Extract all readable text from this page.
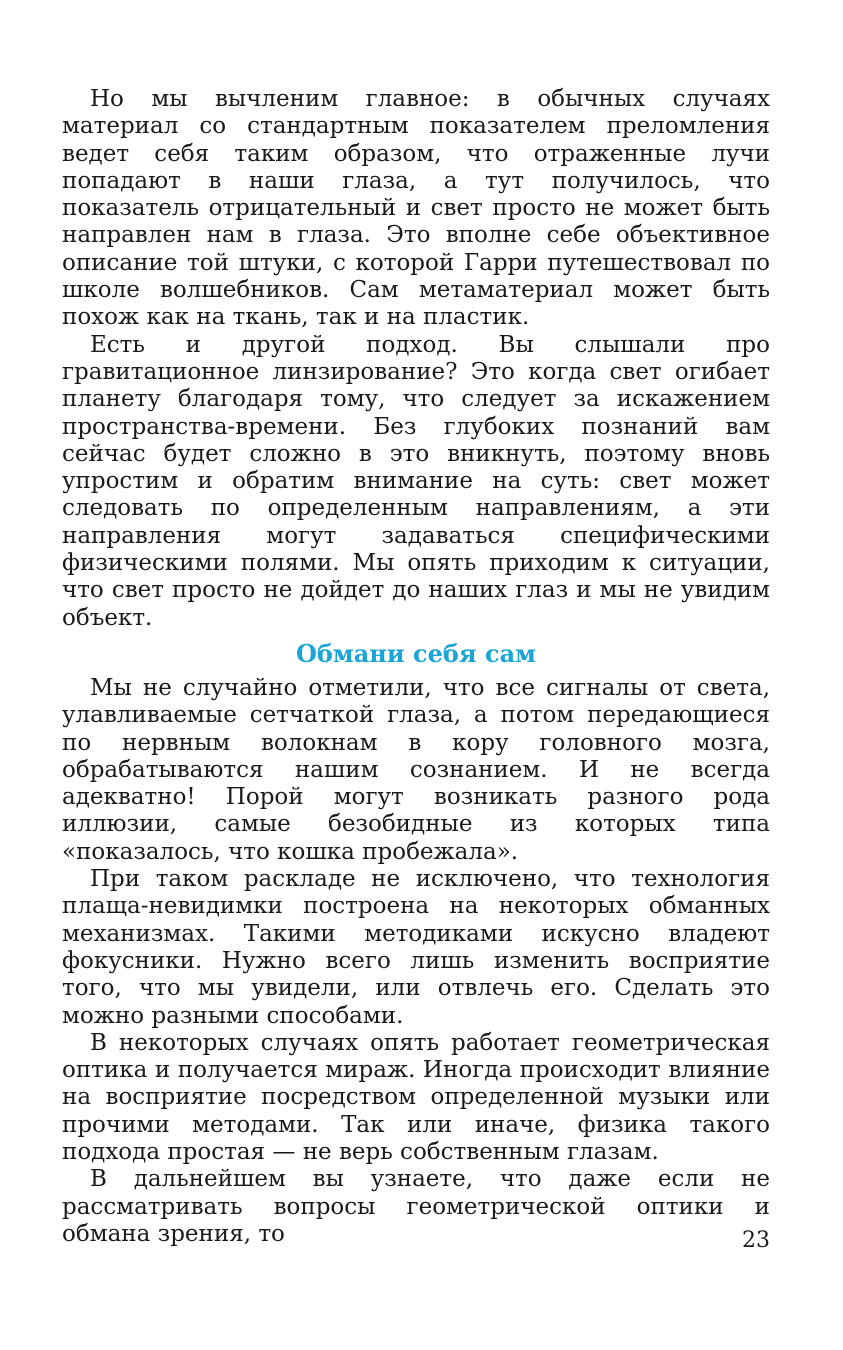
Но мы вычленим главное: в обычных случаях материал со стандартным показателем преломления ведет себя таким образом, что отраженные лучи попадают в наши глаза, а тут получилось, что показатель отрицательный и свет просто не может быть направлен нам в глаза. Это вполне себе объективное описание той штуки, с которой Гарри путешествовал по школе волшебников. Сам метаматериал может быть похож как на ткань, так и на пластик.

Есть и другой подход. Вы слышали про гравитационное линзирование? Это когда свет огибает планету благодаря тому, что следует за искажением пространства-времени. Без глубоких познаний вам сейчас будет сложно в это вникнуть, поэтому вновь упростим и обратим внимание на суть: свет может следовать по определенным направлениям, а эти направления могут задаваться специфическими физическими полями. Мы опять приходим к ситуации, что свет просто не дойдет до наших глаз и мы не увидим объект.

Обмани себя сам

Мы не случайно отметили, что все сигналы от света, улавливаемые сетчаткой глаза, а потом передающиеся по нервным волокнам в кору головного мозга, обрабатываются нашим сознанием. И не всегда адекватно! Порой могут возникать разного рода иллюзии, самые безобидные из которых типа «показалось, что кошка пробежала».

При таком раскладе не исключено, что технология плаща-невидимки построена на некоторых обманных механизмах. Такими методиками искусно владеют фокусники. Нужно всего лишь изменить восприятие того, что мы увидели, или отвлечь его. Сделать это можно разными способами.

В некоторых случаях опять работает геометрическая оптика и получается мираж. Иногда происходит влияние на восприятие посредством определенной музыки или прочими методами. Так или иначе, физика такого подхода простая — не верь собственным глазам.

В дальнейшем вы узнаете, что даже если не рассматривать вопросы геометрической оптики и обмана зрения, то	23
